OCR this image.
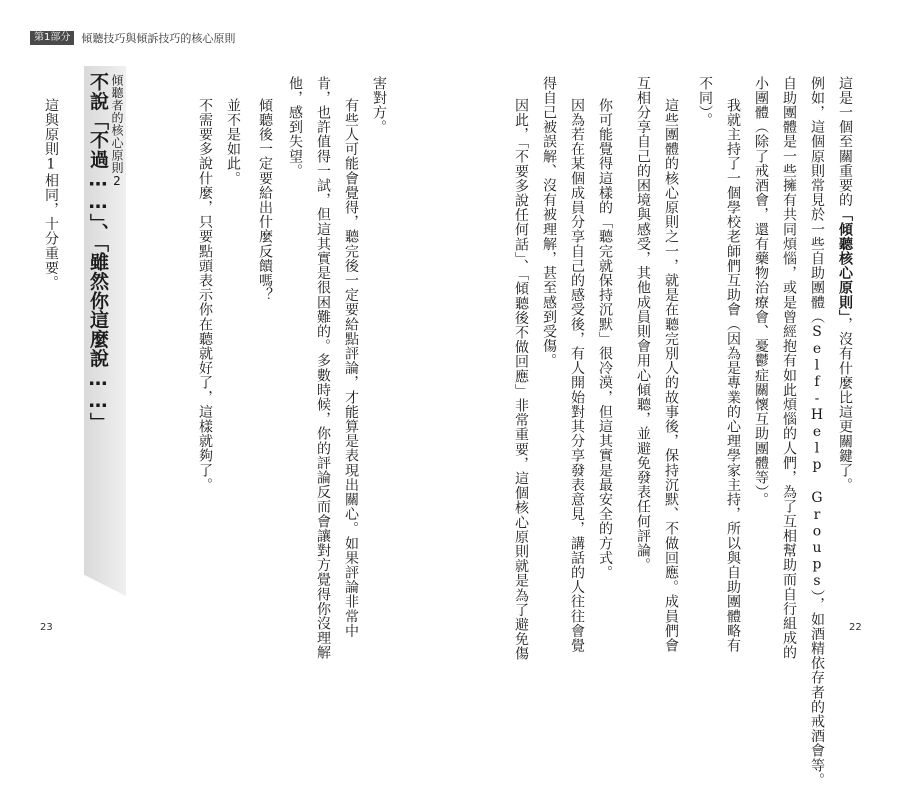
第1部分	傾聽技巧與傾訴技巧的核心原則
這是一個至關重要的「傾聽核心原則」，沒有什麼比這更關鍵了。
例如，這個原則常見於一些自助團體（Self-Help Groups），如酒精依存者的戒酒會等。
自助團體是一些擁有共同煩惱，或是曾經抱有如此煩惱的人們，為了互相幫助而自行組成的
小團體（除了戒酒會，還有藥物治療會、憂鬱症關懷互助團體等）。
我就主持了一個學校老師們互助會（因為是專業的心理學家主持，所以與自助團體略有
不同）。
這些團體的核心原則之一，就是在聽完別人的故事後，保持沉默、不做回應。成員們會
互相分享自己的困境與感受，其他成員則會用心傾聽，並避免發表任何評論。
你可能覺得這樣的「聽完就保持沉默」很冷漠，但這其實是最安全的方式。
因為若在某個成員分享自己的感受後，有人開始對其分享發表意見，講話的人往往會覺
得自己被誤解、沒有被理解，甚至感到受傷。
因此，「不要多說任何話」、「傾聽後不做回應」非常重要，這個核心原則就是為了避免傷
害對方。
有些人可能會覺得，聽完後一定要給點評論，才能算是表現出關心。如果評論非常中
肯，也許值得一試，但這其實是很困難的。多數時候，你的評論反而會讓對方覺得你沒理解
他，感到失望。
傾聽後一定要給出什麼反饋嗎？
並不是如此。
不需要多說什麼，只要點頭表示你在聽就好了，這樣就夠了。
這與原則1相同，十分重要。	傾聽者的核心原則2
不說「不過……」、「雖然你這麼說……」
23	22
